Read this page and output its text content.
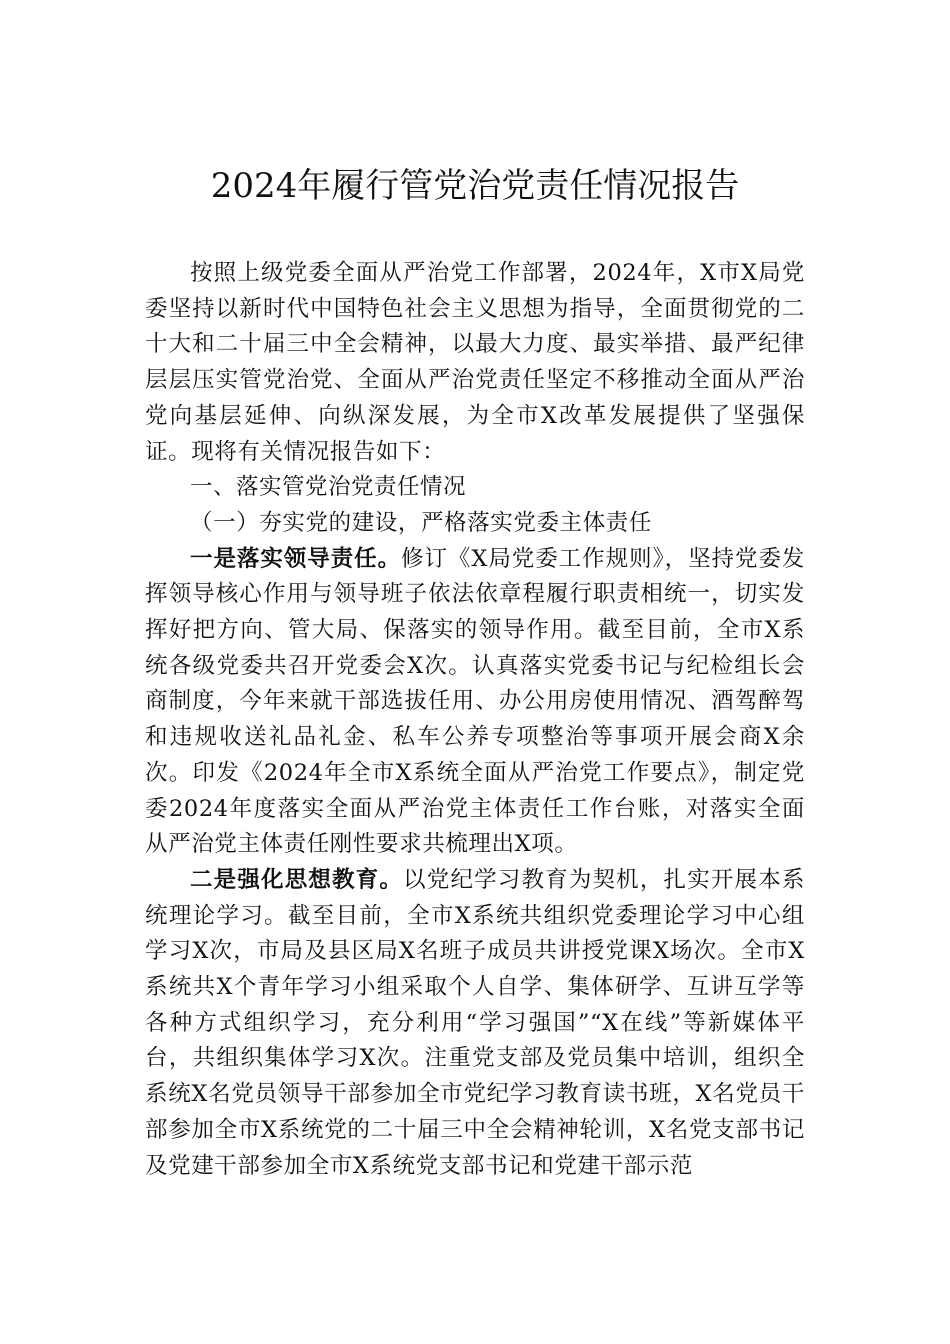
2024年履行管党治党责任情况报告

按照上级党委全面从严治党工作部署，2024年，X市X局党委坚持以新时代中国特色社会主义思想为指导，全面贯彻党的二十大和二十届三中全会精神，以最大力度、最实举措、最严纪律层层压实管党治党、全面从严治党责任坚定不移推动全面从严治党向基层延伸、向纵深发展，为全市X改革发展提供了坚强保证。现将有关情况报告如下：

一、落实管党治党责任情况

（一）夯实党的建设，严格落实党委主体责任

一是落实领导责任。修订《X局党委工作规则》，坚持党委发挥领导核心作用与领导班子依法依章程履行职责相统一，切实发挥好把方向、管大局、保落实的领导作用。截至目前，全市X系统各级党委共召开党委会X次。认真落实党委书记与纪检组长会商制度，今年来就干部选拔任用、办公用房使用情况、酒驾醉驾和违规收送礼品礼金、私车公养专项整治等事项开展会商X余次。印发《2024年全市X系统全面从严治党工作要点》，制定党委2024年度落实全面从严治党主体责任工作台账，对落实全面从严治党主体责任刚性要求共梳理出X项。

二是强化思想教育。以党纪学习教育为契机，扎实开展本系统理论学习。截至目前，全市X系统共组织党委理论学习中心组学习X次，市局及县区局X名班子成员共讲授党课X场次。全市X系统共X个青年学习小组采取个人自学、集体研学、互讲互学等各种方式组织学习，充分利用“学习强国”“X在线”等新媒体平台，共组织集体学习X次。注重党支部及党员集中培训，组织全系统X名党员领导干部参加全市党纪学习教育读书班，X名党员干部参加全市X系统党的二十届三中全会精神轮训，X名党支部书记及党建干部参加全市X系统党支部书记和党建干部示范
